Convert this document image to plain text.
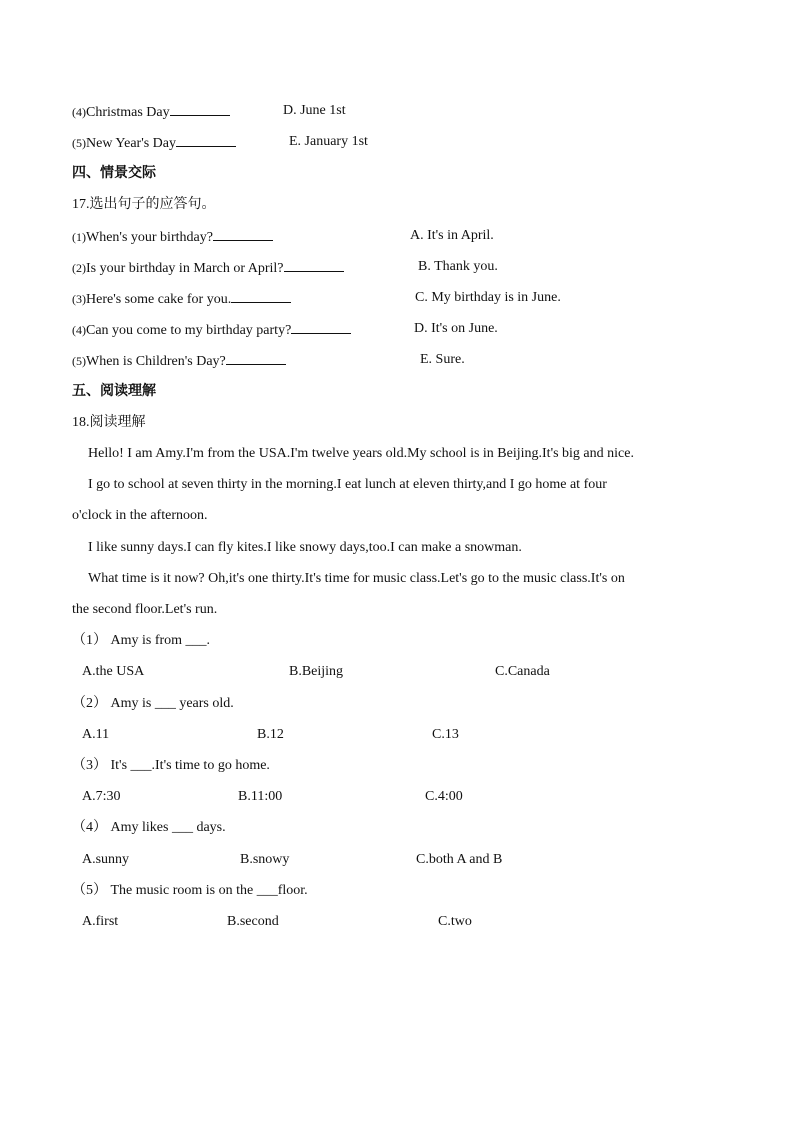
(4)Christmas Day	D. June 1st
(5)New Year's Day	E. January 1st
四、情景交际
17.选出句子的应答句。
(1)When's your birthday?	A. It's in April.
(2)Is your birthday in March or April?	B. Thank you.
(3)Here's some cake for you.	C. My birthday is in June.
(4)Can you come to my birthday party?	D. It's on June.
(5)When is Children's Day?	E. Sure.
五、阅读理解
18.阅读理解
Hello! I am Amy.I'm from the USA.I'm twelve years old.My school is in Beijing.It's big and nice.
I go to school at seven thirty in the morning.I eat lunch at eleven thirty,and I go home at four
o'clock in the afternoon.
I like sunny days.I can fly kites.I like snowy days,too.I can make a snowman.
What time is it now? Oh,it's one thirty.It's time for music class.Let's go to the music class.It's on
the second floor.Let's run.
（1） Amy is from ___.
A.the USA	B.Beijing	C.Canada
（2） Amy is ___ years old.
A.11	B.12	C.13
（3） It's ___.It's time to go home.
A.7:30	B.11:00	C.4:00
（4） Amy likes ___ days.
A.sunny	B.snowy	C.both A and B
（5） The music room is on the ___floor.
A.first	B.second	C.two
